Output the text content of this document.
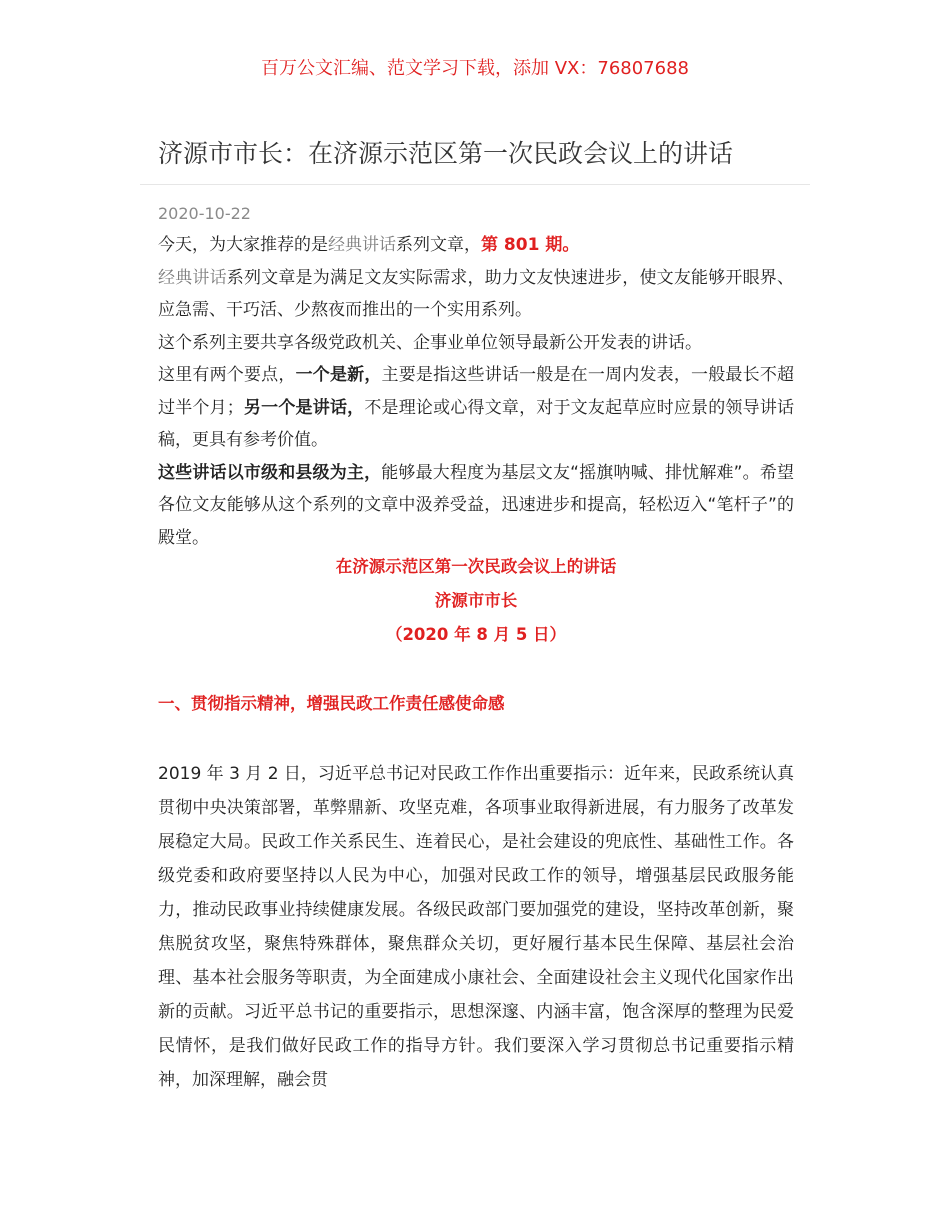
百万公文汇编、范文学习下载，添加 VX：76807688
济源市市长：在济源示范区第一次民政会议上的讲话
2020-10-22

今天，为大家推荐的是经典讲话系列文章，第 801 期。

经典讲话系列文章是为满足文友实际需求，助力文友快速进步，使文友能够开眼界、应急需、干巧活、少熬夜而推出的一个实用系列。

这个系列主要共享各级党政机关、企事业单位领导最新公开发表的讲话。

这里有两个要点，一个是新，主要是指这些讲话一般是在一周内发表，一般最长不超过半个月；另一个是讲话，不是理论或心得文章，对于文友起草应时应景的领导讲话稿，更具有参考价值。

这些讲话以市级和县级为主，能够最大程度为基层文友“摇旗呐喊、排忧解难”。希望各位文友能够从这个系列的文章中汲养受益，迅速进步和提高，轻松迈入“笔杆子”的殿堂。

在济源示范区第一次民政会议上的讲话
济源市市长
（2020 年 8 月 5 日）
一、贯彻指示精神，增强民政工作责任感使命感

2019 年 3 月 2 日，习近平总书记对民政工作作出重要指示：近年来，民政系统认真贯彻中央决策部署，革弊鼎新、攻坚克难，各项事业取得新进展，有力服务了改革发展稳定大局。民政工作关系民生、连着民心，是社会建设的兜底性、基础性工作。各级党委和政府要坚持以人民为中心，加强对民政工作的领导，增强基层民政服务能力，推动民政事业持续健康发展。各级民政部门要加强党的建设，坚持改革创新，聚焦脱贫攻坚，聚焦特殊群体，聚焦群众关切，更好履行基本民生保障、基层社会治理、基本社会服务等职责，为全面建成小康社会、全面建设社会主义现代化国家作出新的贡献。习近平总书记的重要指示，思想深邃、内涵丰富，饱含深厚的整理为民爱民情怀，是我们做好民政工作的指导方针。我们要深入学习贯彻总书记重要指示精神，加深理解，融会贯
